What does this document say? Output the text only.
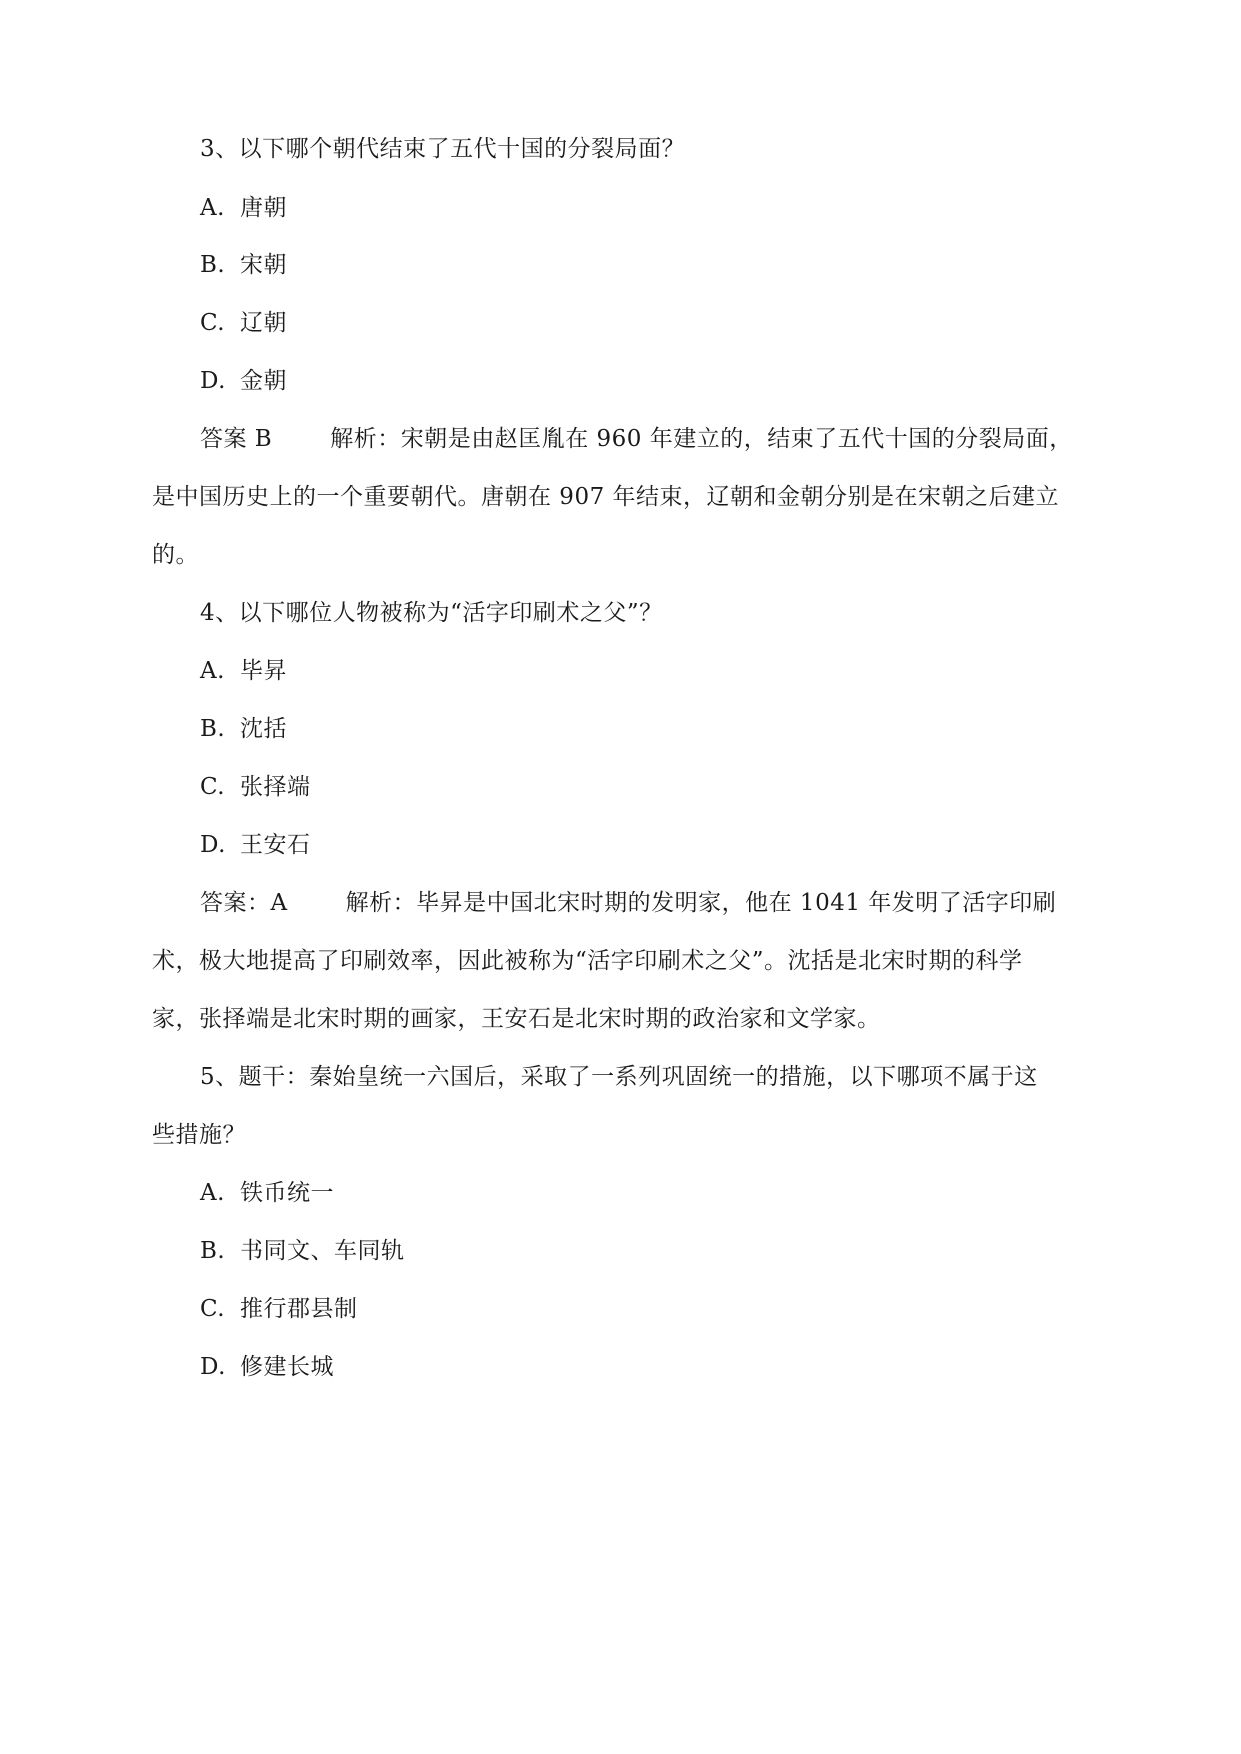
3、以下哪个朝代结束了五代十国的分裂局面？
A. 唐朝
B. 宋朝
C. 辽朝
D. 金朝
答案 B	解析：宋朝是由赵匡胤在 960 年建立的，结束了五代十国的分裂局面，
是中国历史上的一个重要朝代。唐朝在 907 年结束，辽朝和金朝分别是在宋朝之后建立
的。
4、以下哪位人物被称为“活字印刷术之父”？
A. 毕昇
B. 沈括
C. 张择端
D. 王安石
答案：A	解析：毕昇是中国北宋时期的发明家，他在 1041 年发明了活字印刷
术，极大地提高了印刷效率，因此被称为“活字印刷术之父”。沈括是北宋时期的科学
家，张择端是北宋时期的画家，王安石是北宋时期的政治家和文学家。
5、题干：秦始皇统一六国后，采取了一系列巩固统一的措施，以下哪项不属于这
些措施？
A. 铁币统一
B. 书同文、车同轨
C. 推行郡县制
D. 修建长城
